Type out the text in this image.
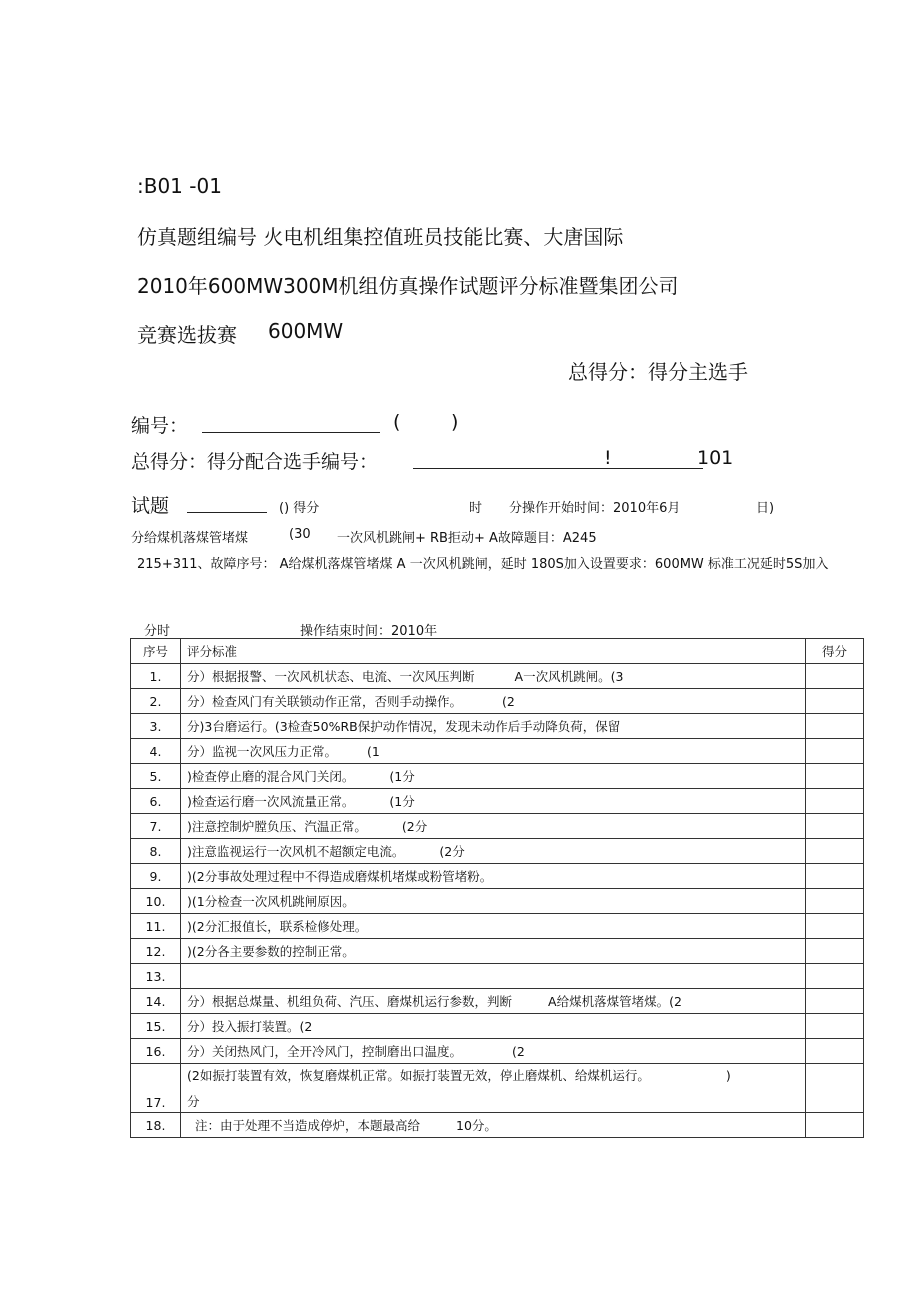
:B01 -01
仿真题组编号 火电机组集控值班员技能比赛、大唐国际
2010年600MW300M机组仿真操作试题评分标准暨集团公司
竞赛选拔赛 600MW
总得分：得分主选手
编号：	(	)
总得分：得分配合选手编号：	!	101
试题	() 得分	时 分操作开始时间：2010年6月	日)
分给煤机落煤管堵煤	(30 一次风机跳闸+ RB拒动+ A故障题目：A245
215+311、故障序号： A给煤机落煤管堵煤 A 一次风机跳闸，延时 180S加入设置要求：600MW 标准工况延时5S加入
分时	操作结束时间：2010年
序号	评分标准	得分
1.	分）根据报警、一次风机状态、电流、一次风压判断 A一次风机跳闸。(3	
2.	分）检查风门有关联锁动作正常，否则手动操作。 (2	
3.	分)3台磨运行。(3检查50%RB保护动作情况，发现未动作后手动降负荷，保留	
4.	分）监视一次风压力正常。 (1	
5.	)检查停止磨的混合风门关闭。 (1分	
6.	)检查运行磨一次风流量正常。 (1分	
7.	)注意控制炉膛负压、汽温正常。 (2分	
8.	)注意监视运行一次风机不超额定电流。 (2分	
9.	)(2分事故处理过程中不得造成磨煤机堵煤或粉管堵粉。	
10.	)(1分检查一次风机跳闸原因。	
11.	)(2分汇报值长，联系检修处理。	
12.	)(2分各主要参数的控制正常。	
13.		
14.	分）根据总煤量、机组负荷、汽压、磨煤机运行参数，判断 A给煤机落煤管堵煤。(2	
15.	分）投入振打装置。(2	
16.	分）关闭热风门，全开冷风门，控制磨出口温度。 (2	
17.	(2如振打装置有效，恢复磨煤机正常。如振打装置无效，停止磨煤机、给煤机运行。 )
分	

18.	注：由于处理不当造成停炉，本题最高给 10分。	
